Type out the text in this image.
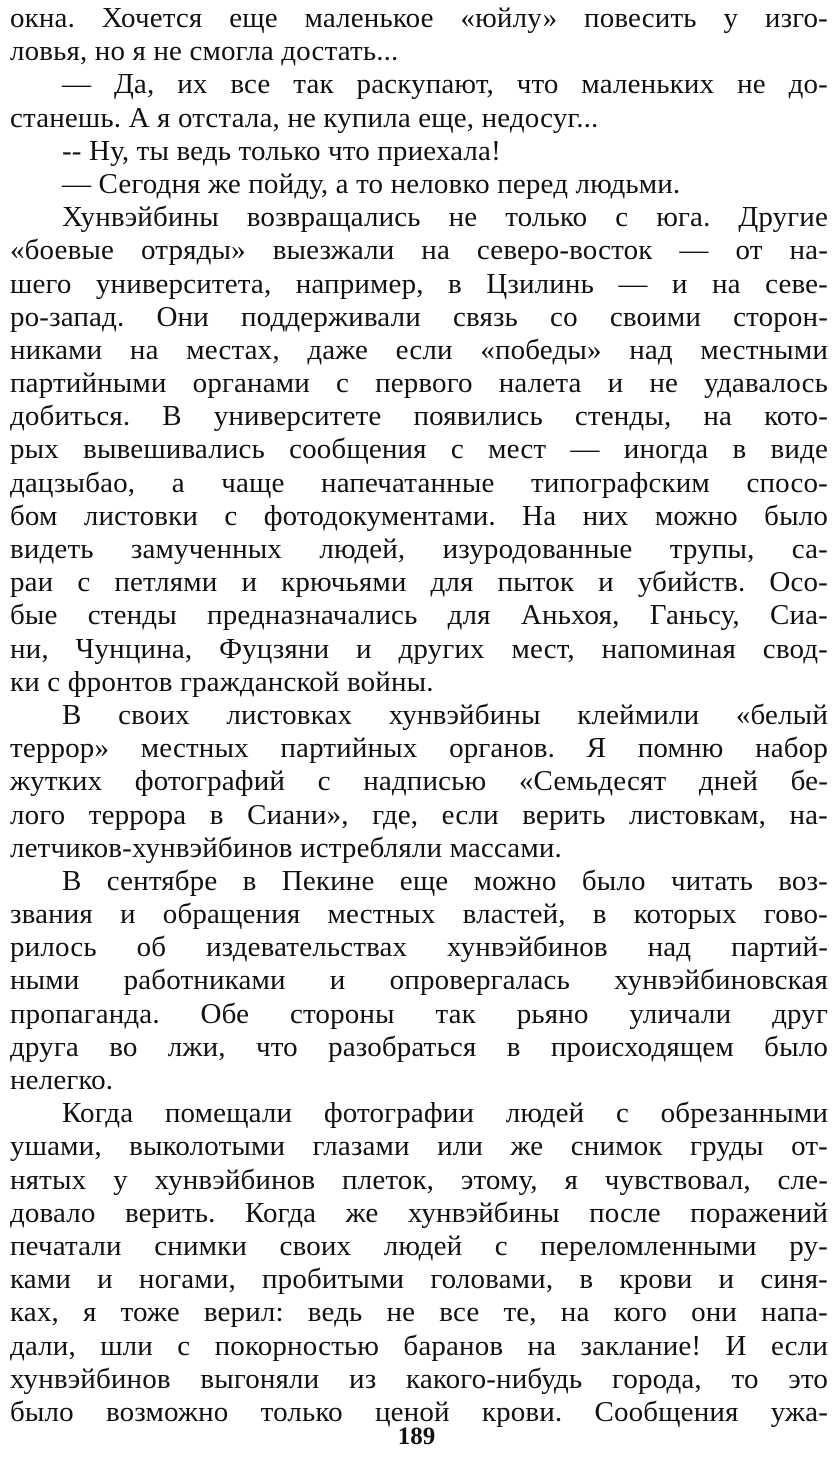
окна. Хочется еще маленькое «юйлу» повесить у изго-
ловья, но я не смогла достать...
— Да, их все так раскупают, что маленьких не до-
станешь. А я отстала, не купила еще, недосуг...
-- Ну, ты ведь только что приехала!
— Сегодня же пойду, а то неловко перед людьми.
Хунвэйбины возвращались не только с юга. Другие
«боевые отряды» выезжали на северо-восток — от на-
шего университета, например, в Цзилинь — и на севе-
ро-запад. Они поддерживали связь со своими сторон-
никами на местах, даже если «победы» над местными
партийными органами с первого налета и не удавалось
добиться. В университете появились стенды, на кото-
рых вывешивались сообщения с мест — иногда в виде
дацзыбао, а чаще напечатанные типографским спосо-
бом листовки с фотодокументами. На них можно было
видеть замученных людей, изуродованные трупы, са-
раи с петлями и крючьями для пыток и убийств. Осо-
бые стенды предназначались для Аньхоя, Ганьсу, Сиа-
ни, Чунцина, Фуцзяни и других мест, напоминая свод-
ки с фронтов гражданской войны.
В своих листовках хунвэйбины клеймили «белый
террор» местных партийных органов. Я помню набор
жутких фотографий с надписью «Семьдесят дней бе-
лого террора в Сиани», где, если верить листовкам, на-
летчиков-хунвэйбинов истребляли массами.
В сентябре в Пекине еще можно было читать воз-
звания и обращения местных властей, в которых гово-
рилось об издевательствах хунвэйбинов над партий-
ными работниками и опровергалась хунвэйбиновская
пропаганда. Обе стороны так рьяно уличали друг
друга во лжи, что разобраться в происходящем было
нелегко.
Когда помещали фотографии людей с обрезанными
ушами, выколотыми глазами или же снимок груды от-
нятых у хунвэйбинов плеток, этому, я чувствовал, сле-
довало верить. Когда же хунвэйбины после поражений
печатали снимки своих людей с переломленными ру-
ками и ногами, пробитыми головами, в крови и синя-
ках, я тоже верил: ведь не все те, на кого они напа-
дали, шли с покорностью баранов на заклание! И если
хунвэйбинов выгоняли из какого-нибудь города, то это
было возможно только ценой крови. Сообщения ужа-
189
